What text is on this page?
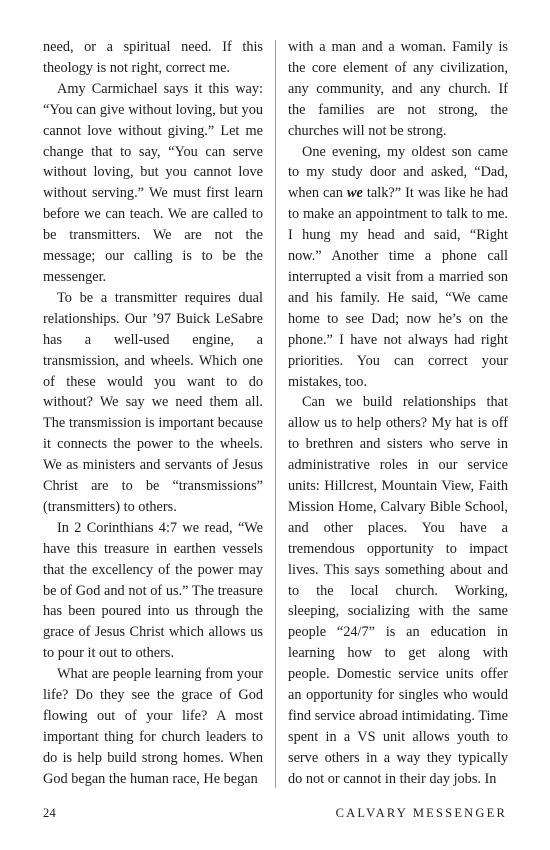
need, or a spiritual need. If this theology is not right, correct me.

Amy Carmichael says it this way: “You can give without loving, but you cannot love without giving.” Let me change that to say, “You can serve without loving, but you cannot love without serving.” We must first learn before we can teach. We are called to be transmitters. We are not the message; our calling is to be the messenger.

To be a transmitter requires dual relationships. Our ’97 Buick LeSabre has a well-used engine, a transmission, and wheels. Which one of these would you want to do without? We say we need them all. The transmission is important because it connects the power to the wheels. We as ministers and servants of Jesus Christ are to be “transmissions” (transmitters) to others.

In 2 Corinthians 4:7 we read, “We have this treasure in earthen vessels that the excellency of the power may be of God and not of us.” The treasure has been poured into us through the grace of Jesus Christ which allows us to pour it out to others.

What are people learning from your life? Do they see the grace of God flowing out of your life? A most important thing for church leaders to do is help build strong homes. When God began the human race, He began

with a man and a woman. Family is the core element of any civilization, any community, and any church. If the families are not strong, the churches will not be strong.

One evening, my oldest son came to my study door and asked, “Dad, when can we talk?” It was like he had to make an appointment to talk to me. I hung my head and said, “Right now.” Another time a phone call interrupted a visit from a married son and his family. He said, “We came home to see Dad; now he’s on the phone.” I have not always had right priorities. You can correct your mistakes, too.

Can we build relationships that allow us to help others? My hat is off to brethren and sisters who serve in administrative roles in our service units: Hillcrest, Mountain View, Faith Mission Home, Calvary Bible School, and other places. You have a tremendous opportunity to impact lives. This says something about and to the local church. Working, sleeping, socializing with the same people “24/7” is an education in learning how to get along with people. Domestic service units offer an opportunity for singles who would find service abroad intimidating. Time spent in a VS unit allows youth to serve others in a way they typically do not or cannot in their day jobs. In

24	CALVARY MESSENGER
